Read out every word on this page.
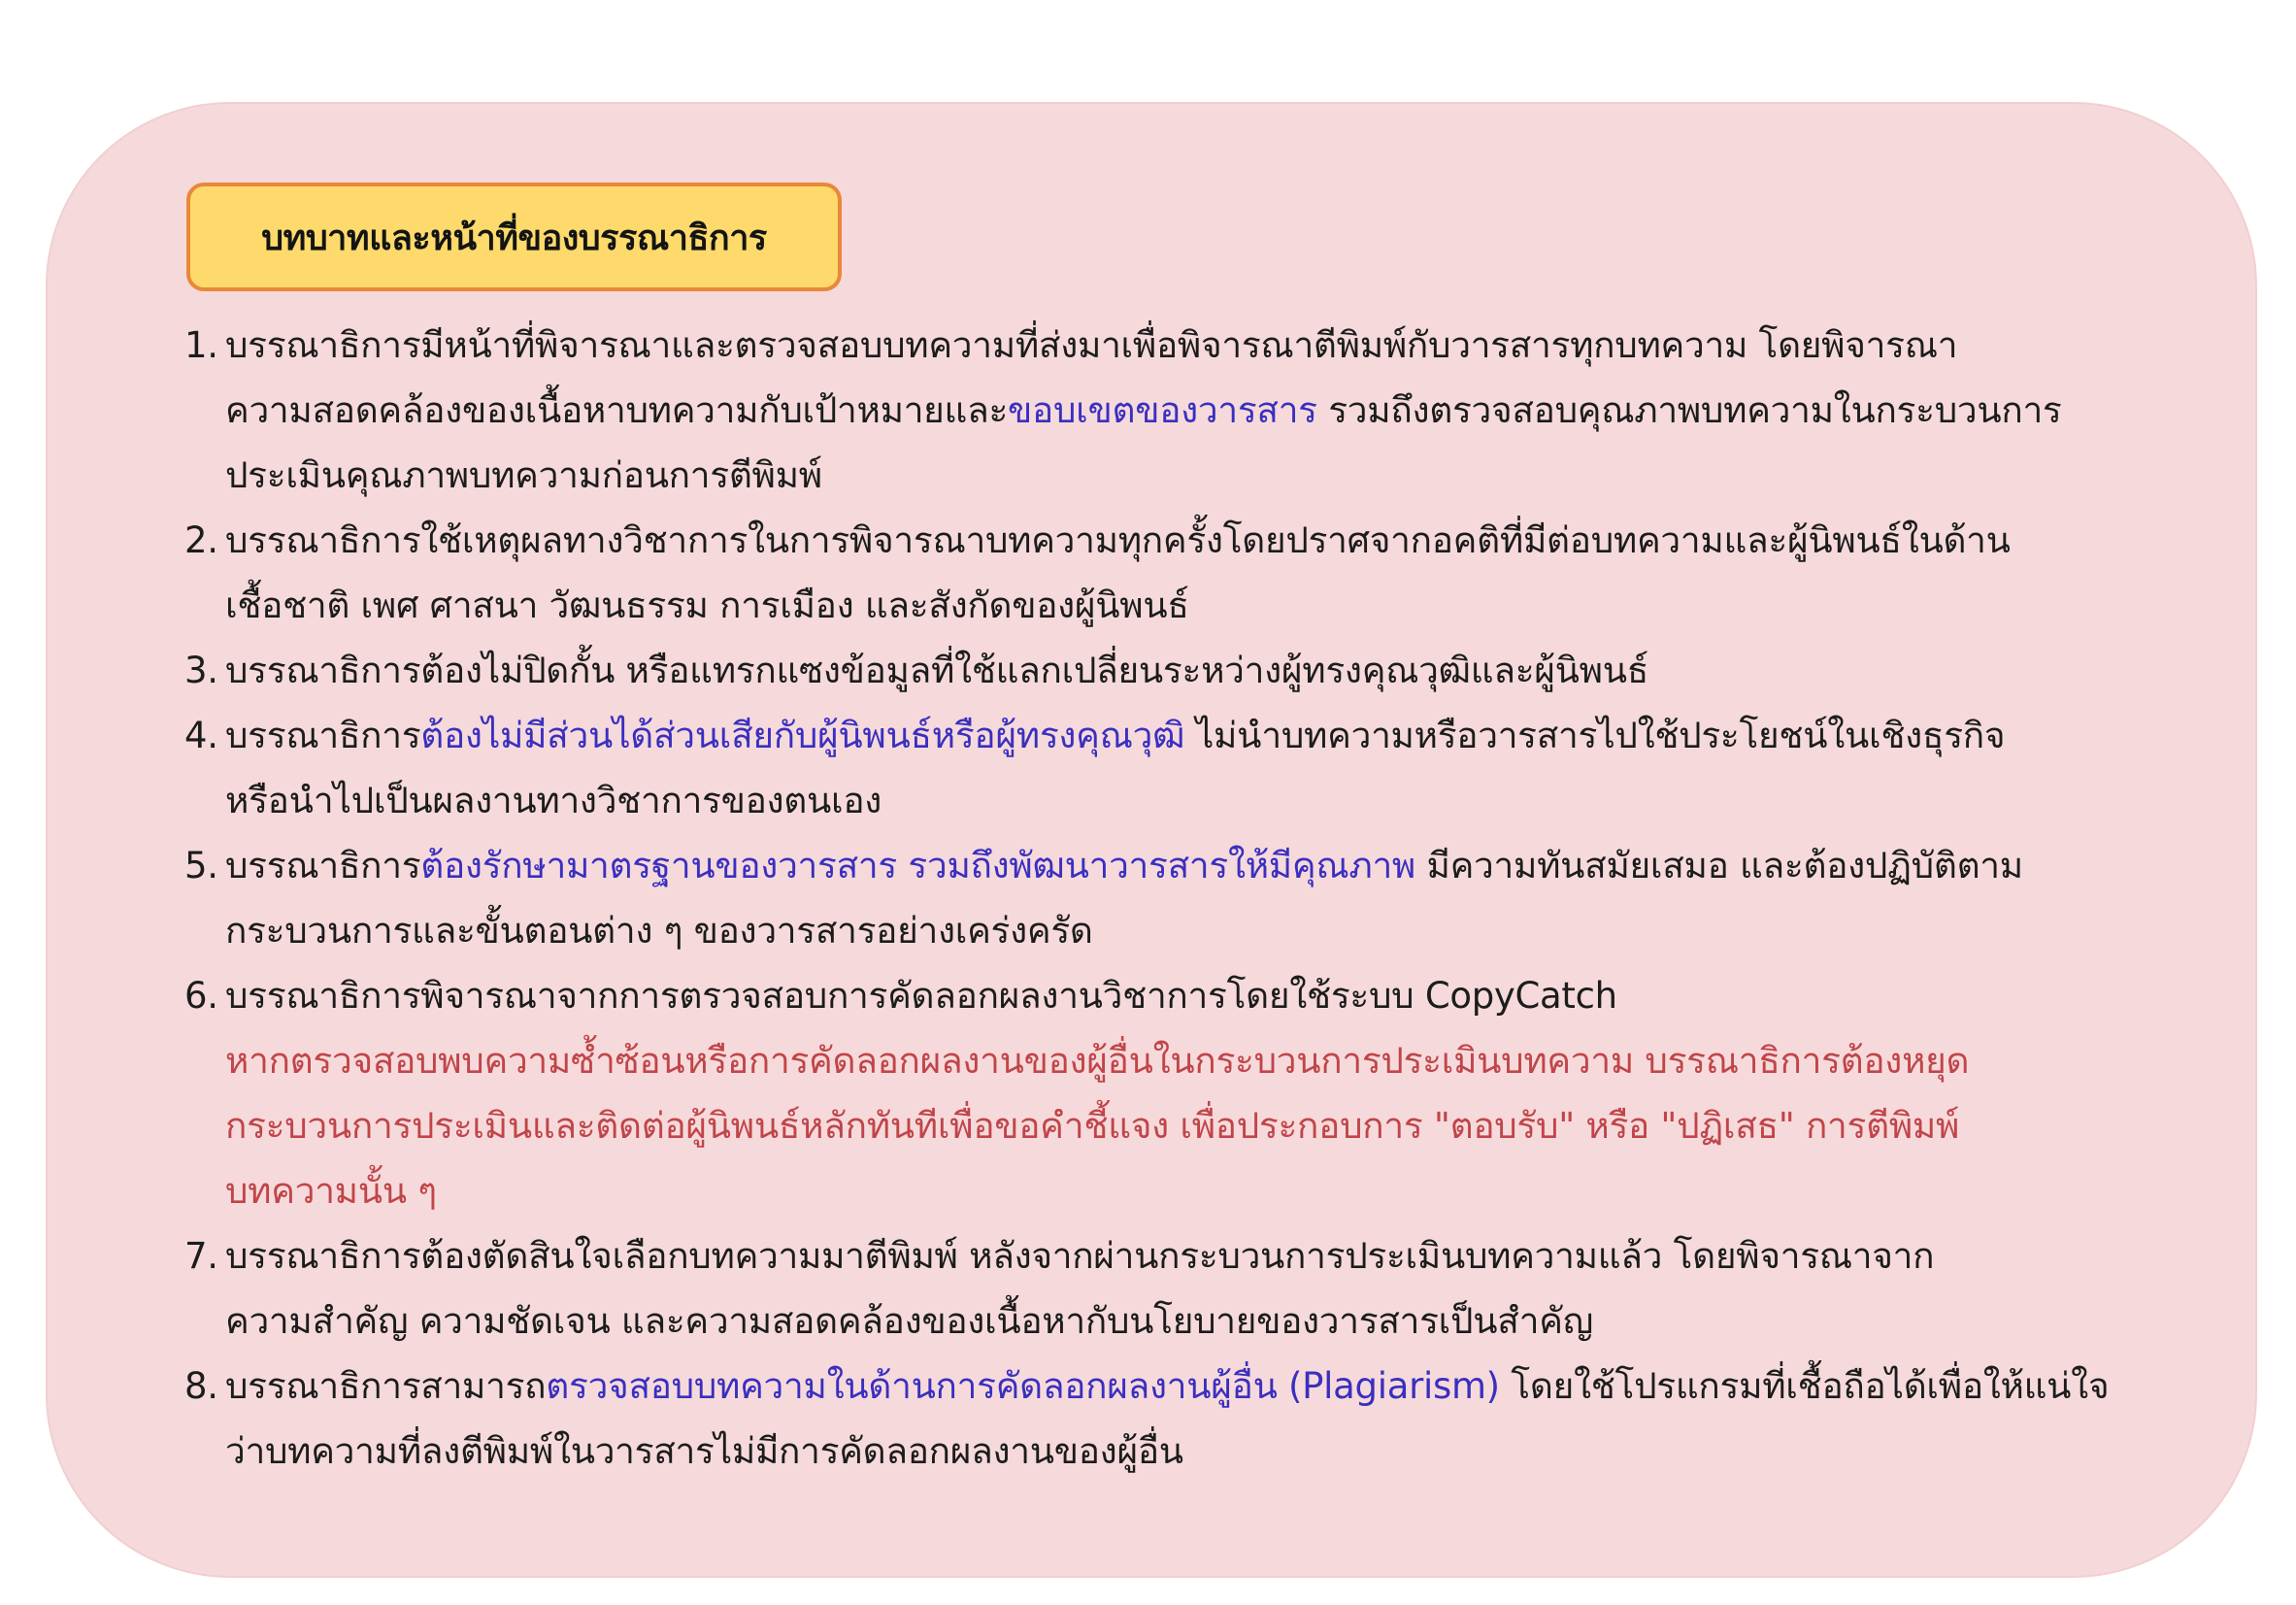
บทบาทและหน้าที่ของบรรณาธิการ
1. บรรณาธิการมีหน้าที่พิจารณาและตรวจสอบบทความที่ส่งมาเพื่อพิจารณาตีพิมพ์กับวารสารทุกบทความ โดยพิจารณา
ความสอดคล้องของเนื้อหาบทความกับเป้าหมายและขอบเขตของวารสาร รวมถึงตรวจสอบคุณภาพบทความในกระบวนการ
ประเมินคุณภาพบทความก่อนการตีพิมพ์
2. บรรณาธิการใช้เหตุผลทางวิชาการในการพิจารณาบทความทุกครั้งโดยปราศจากอคติที่มีต่อบทความและผู้นิพนธ์ในด้าน
เชื้อชาติ เพศ ศาสนา วัฒนธรรม การเมือง และสังกัดของผู้นิพนธ์
3. บรรณาธิการต้องไม่ปิดกั้น หรือแทรกแซงข้อมูลที่ใช้แลกเปลี่ยนระหว่างผู้ทรงคุณวุฒิและผู้นิพนธ์
4. บรรณาธิการต้องไม่มีส่วนได้ส่วนเสียกับผู้นิพนธ์หรือผู้ทรงคุณวุฒิ ไม่นำบทความหรือวารสารไปใช้ประโยชน์ในเชิงธุรกิจ
หรือนำไปเป็นผลงานทางวิชาการของตนเอง
5. บรรณาธิการต้องรักษามาตรฐานของวารสาร รวมถึงพัฒนาวารสารให้มีคุณภาพ มีความทันสมัยเสมอ และต้องปฏิบัติตาม
กระบวนการและขั้นตอนต่าง ๆ ของวารสารอย่างเคร่งครัด
6. บรรณาธิการพิจารณาจากการตรวจสอบการคัดลอกผลงานวิชาการโดยใช้ระบบ CopyCatch
หากตรวจสอบพบความซ้ำซ้อนหรือการคัดลอกผลงานของผู้อื่นในกระบวนการประเมินบทความ บรรณาธิการต้องหยุด
กระบวนการประเมินและติดต่อผู้นิพนธ์หลักทันทีเพื่อขอคำชี้แจง เพื่อประกอบการ "ตอบรับ" หรือ "ปฏิเสธ" การตีพิมพ์
บทความนั้น ๆ
7. บรรณาธิการต้องตัดสินใจเลือกบทความมาตีพิมพ์ หลังจากผ่านกระบวนการประเมินบทความแล้ว โดยพิจารณาจาก
ความสำคัญ ความชัดเจน และความสอดคล้องของเนื้อหากับนโยบายของวารสารเป็นสำคัญ
8. บรรณาธิการสามารถตรวจสอบบทความในด้านการคัดลอกผลงานผู้อื่น (Plagiarism) โดยใช้โปรแกรมที่เชื้อถือได้เพื่อให้แน่ใจ
ว่าบทความที่ลงตีพิมพ์ในวารสารไม่มีการคัดลอกผลงานของผู้อื่น
